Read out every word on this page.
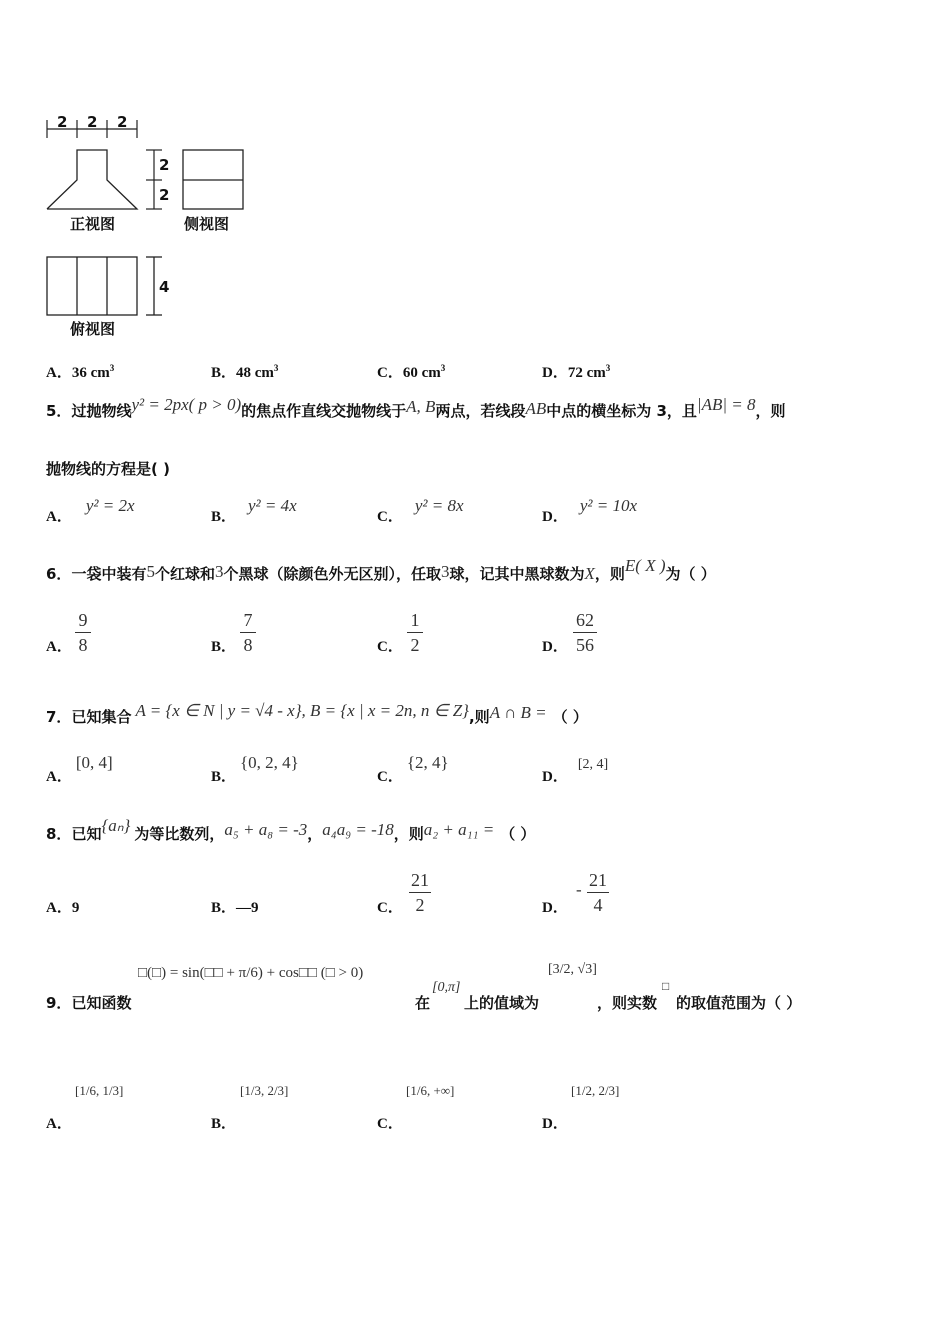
2 2 2
2
2
4
正视图	侧视图
俯视图
A．36 $cm^3$	B．48 $cm^3$	C．60 $cm^3$	D．72 $cm^3$
5．过抛物线y² = 2px( p > 0)的焦点作直线交抛物线于A, B两点，若线段AB中点的横坐标为 3，且|AB| = 8，则
抛物线的方程是( )
A．y² = 2x
B．y² = 4x
C．y² = 8x
D．y² = 10x
6．一袋中装有5个红球和3个黑球（除颜色外无区别），任取3球，记其中黑球数为X，则E( X )为（ ）
A．
9
8	B．
7
8	C．
1
2	D．
62
56
7．已知集合 A = {x ∈ N | y = √4 - x}, B = {x | x = 2n, n ∈ Z},则A ∩ B = （ ）
A．[0, 4]
B．{0, 2, 4}
C．{2, 4}
D．[2, 4]
8．已知{aₙ} 为等比数列，a₅ + a₈ = -3，a₄a₉ = -18，则a₂ + a₁₁ = （ ）
A．9	B．—9	C．
21
2	D．
- 21
4
□(□) = sin(□□ + π/6) + cos□□ (□ > 0)
[0,π]
[3/2, √3]
□
9．已知函数	在 上的值域为	，则实数 的取值范围为（ ）
[1/6, 1/3]
A．
[1/3, 2/3]
B．
[1/6, +∞]
C．
[1/2, 2/3]
D．
